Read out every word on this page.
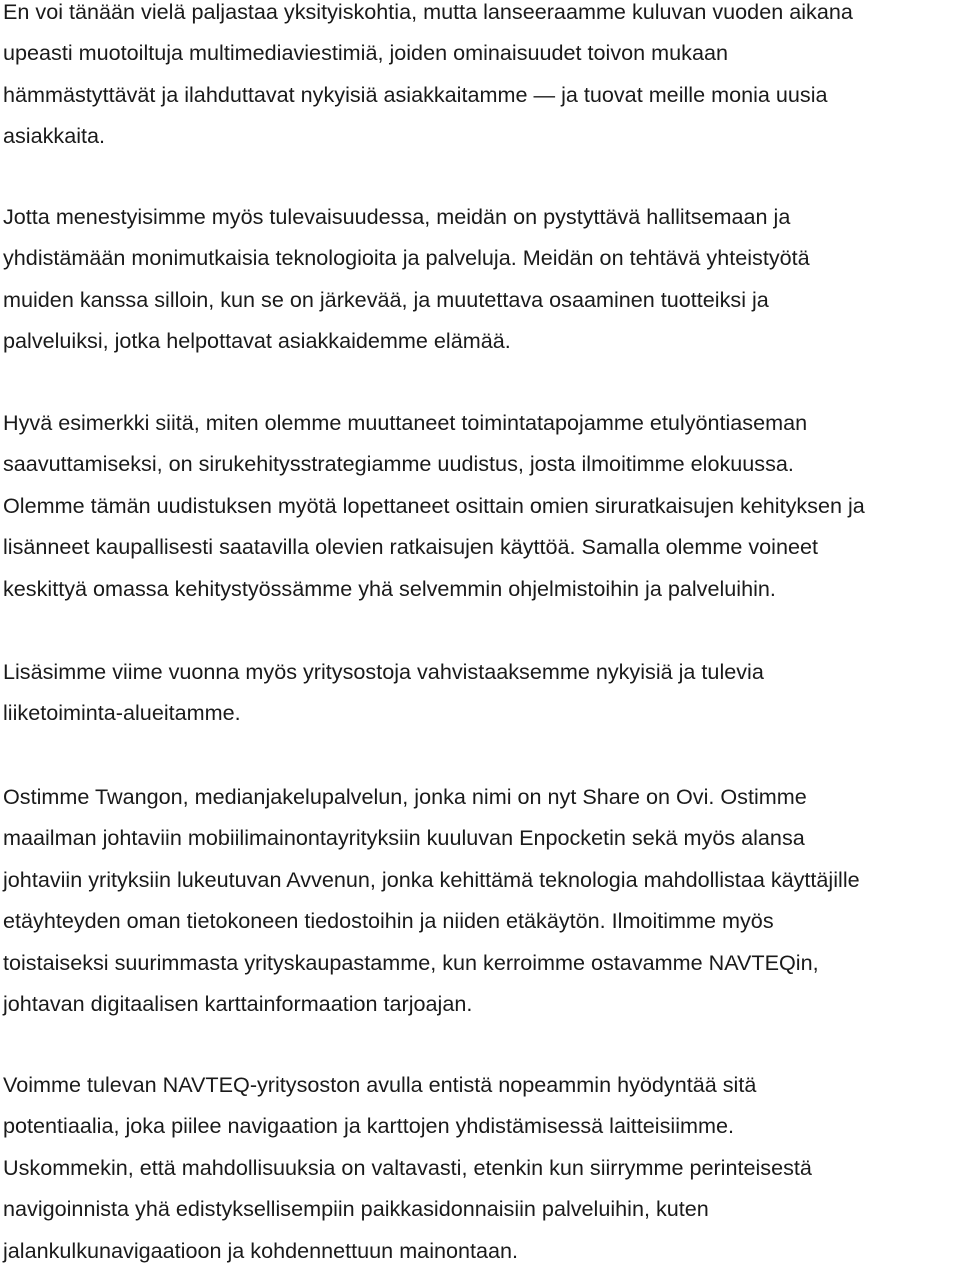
En voi tänään vielä paljastaa yksityiskohtia, mutta lanseeraamme kuluvan vuoden aikana
upeasti muotoiltuja multimediaviestimiä, joiden ominaisuudet toivon mukaan
hämmästyttävät ja ilahduttavat nykyisiä asiakkaitamme — ja tuovat meille monia uusia
asiakkaita.

Jotta menestyisimme myös tulevaisuudessa, meidän on pystyttävä hallitsemaan ja
yhdistämään monimutkaisia teknologioita ja palveluja. Meidän on tehtävä yhteistyötä
muiden kanssa silloin, kun se on järkevää, ja muutettava osaaminen tuotteiksi ja
palveluiksi, jotka helpottavat asiakkaidemme elämää.

Hyvä esimerkki siitä, miten olemme muuttaneet toimintatapojamme etulyöntiaseman
saavuttamiseksi, on sirukehitysstrategiamme uudistus, josta ilmoitimme elokuussa.
Olemme tämän uudistuksen myötä lopettaneet osittain omien siruratkaisujen kehityksen ja
lisänneet kaupallisesti saatavilla olevien ratkaisujen käyttöä. Samalla olemme voineet
keskittyä omassa kehitystyössämme yhä selvemmin ohjelmistoihin ja palveluihin.

Lisäsimme viime vuonna myös yritysostoja vahvistaaksemme nykyisiä ja tulevia
liiketoiminta-alueitamme.

Ostimme Twangon, medianjakelupalvelun, jonka nimi on nyt Share on Ovi. Ostimme
maailman johtaviin mobiilimainontayrityksiin kuuluvan Enpocketin sekä myös alansa
johtaviin yrityksiin lukeutuvan Avvenun, jonka kehittämä teknologia mahdollistaa käyttäjille
etäyhteyden oman tietokoneen tiedostoihin ja niiden etäkäytön. Ilmoitimme myös
toistaiseksi suurimmasta yrityskaupastamme, kun kerroimme ostavamme NAVTEQin,
johtavan digitaalisen karttainformaation tarjoajan.

Voimme tulevan NAVTEQ-yritysoston avulla entistä nopeammin hyödyntää sitä
potentiaalia, joka piilee navigaation ja karttojen yhdistämisessä laitteisiimme.
Uskommekin, että mahdollisuuksia on valtavasti, etenkin kun siirrymme perinteisestä
navigoinnista yhä edistyksellisempiin paikkasidonnaisiin palveluihin, kuten
jalankulkunavigaatioon ja kohdennettuun mainontaan.
